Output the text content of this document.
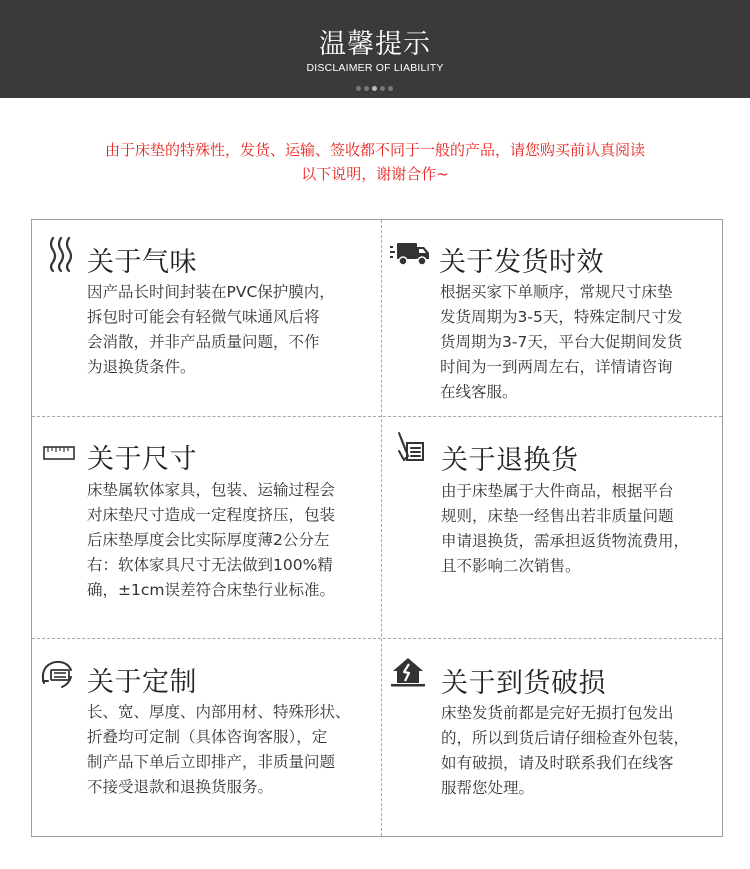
温馨提示
DISCLAIMER OF LIABILITY
由于床垫的特殊性，发货、运输、签收都不同于一般的产品，请您购买前认真阅读
以下说明，谢谢合作~
关于气味
因产品长时间封装在PVC保护膜内，
拆包时可能会有轻微气味通风后将
会消散，并非产品质量问题，不作
为退换货条件。
关于发货时效
根据买家下单顺序，常规尺寸床垫
发货周期为3-5天，特殊定制尺寸发
货周期为3-7天，平台大促期间发货
时间为一到两周左右，详情请咨询
在线客服。
关于尺寸
床垫属软体家具，包装、运输过程会
对床垫尺寸造成一定程度挤压，包装
后床垫厚度会比实际厚度薄2公分左
右：软体家具尺寸无法做到100%精
确，±1cm误差符合床垫行业标准。
关于退换货
由于床垫属于大件商品，根据平台
规则，床垫一经售出若非质量问题
申请退换货，需承担返货物流费用，
且不影响二次销售。
关于定制
长、宽、厚度、内部用材、特殊形状、
折叠均可定制（具体咨询客服），定
制产品下单后立即排产，非质量问题
不接受退款和退换货服务。
关于到货破损
床垫发货前都是完好无损打包发出
的，所以到货后请仔细检查外包装，
如有破损，请及时联系我们在线客
服帮您处理。
